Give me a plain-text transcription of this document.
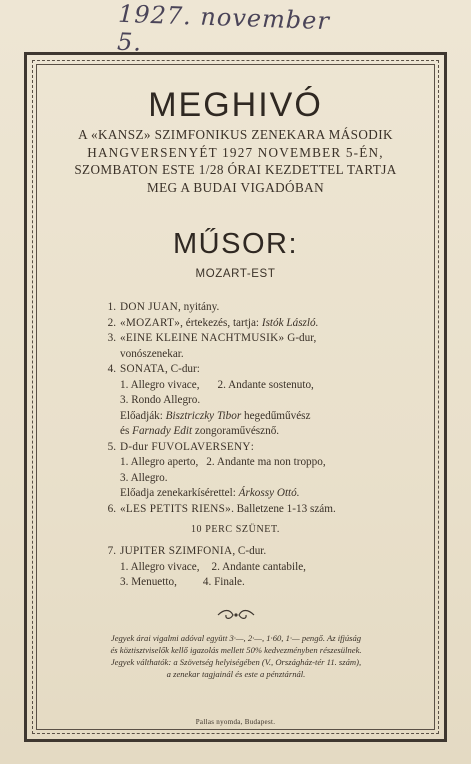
1927. november 5.
MEGHIVÓ
A «KANSZ» SZIMFONIKUS ZENEKARA MÁSODIK
HANGVERSENYÉT 1927 NOVEMBER 5-ÉN,
SZOMBATON ESTE 1/28 ÓRAI KEZDETTEL TARTJA
MEG A BUDAI VIGADÓBAN
MŰSOR:
MOZART-EST
1. DON JUAN, nyitány.
2. «MOZART», értekezés, tartja: Istók László.
3. «EINE KLEINE NACHTMUSIK» G-dur,
vonószenekar.
4. SONATA, C-dur:
1. Allegro vivace, 2. Andante sostenuto,
3. Rondo Allegro.
Előadják: Bisztriczky Tibor hegedűművész
és Farnady Edit zongoraművésznő.
5. D-dur FUVOLAVERSENY:
1. Allegro aperto, 2. Andante ma non troppo,
3. Allegro.
Előadja zenekarkísérettel: Árkossy Ottó.
6. «LES PETITS RIENS». Balletzene 1-13 szám.
10 PERC SZÜNET.
7. JUPITER SZIMFONIA, C-dur.
1. Allegro vivace, 2. Andante cantabile,
3. Menuetto, 4. Finale.
Jegyek árai vigalmi adóval együtt 3·—, 2·—, 1·60, 1·— pengő. Az ifjúság
és köztisztviselők kellő igazolás mellett 50% kedvezményben részesülnek.
Jegyek válthatók: a Szövetség helyiségében (V., Országház-tér 11. szám),
a zenekar tagjainál és este a pénztárnál.
Pallas nyomda, Budapest.
